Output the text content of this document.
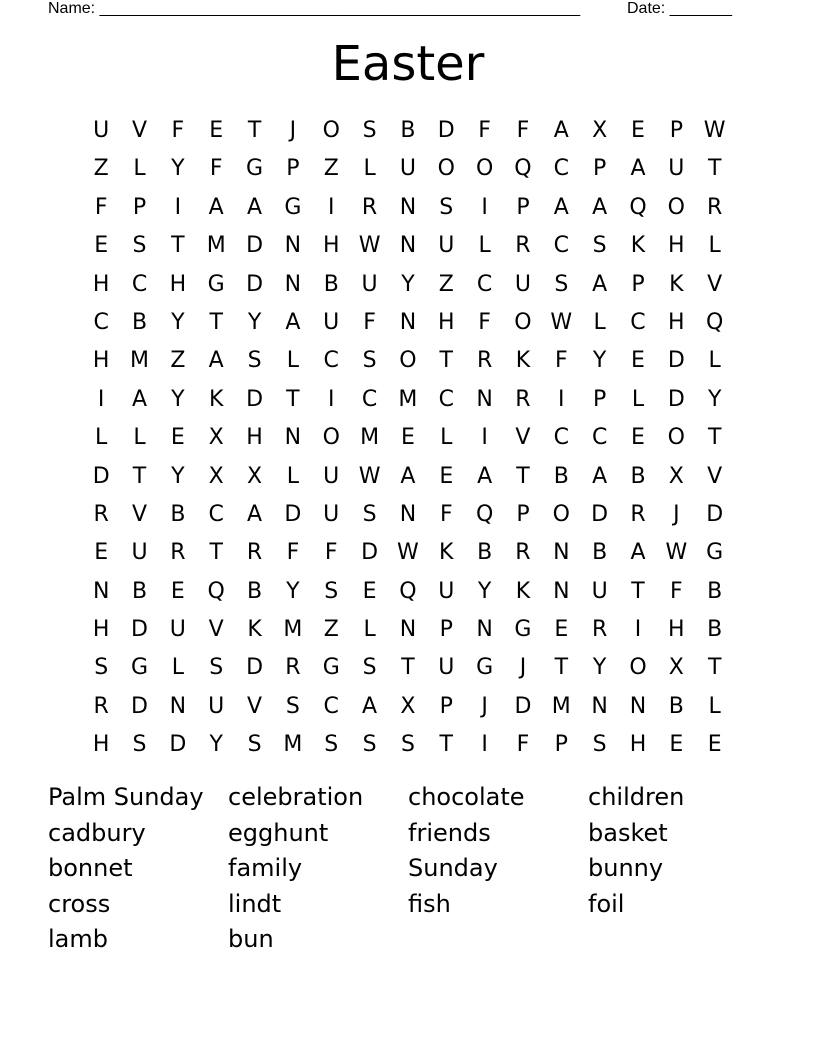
Name: ______________________________________________________	Date: _______
Easter
U	V	F	E	T	J	O	S	B	D	F	F	A	X	E	P W
Z	L	Y	F	G	P	Z	L	U O O Q	C	P	A	U	T
F	P	I	A	A	G	I	R	N	S	I	P	A	A	Q O	R
E	S	T	M D N H W N	U	L	R	C	S	K	H	L
H	C	H G D N	B	U	Y	Z	C	U	S	A	P	K	V
C	B	Y	T	Y	A	U	F	N H	F	O W L	C	H Q
H M Z	A	S	L	C	S	O	T	R	K	F	Y	E	D	L
I	A	Y	K	D	T	I	C M C	N	R	I	P	L	D	Y
L	L	E	X	H N O M E	L	I	V	C	C	E	O	T
D	T	Y	X	X	L	U W A	E	A	T	B	A	B	X	V
R	V	B	C	A	D U	S	N	F	Q	P	O D	R	J	D
E	U	R	T	R	F	F	D W K	B	R	N	B	A W G
N	B	E	Q	B	Y	S	E	Q U	Y	K	N	U	T	F	B
H D U	V	K M Z	L	N	P	N G	E	R	I	H	B
S	G	L	S	D	R	G	S	T	U G	J	T	Y	O	X	T
R	D N	U	V	S	C	A	X	P	J	D M N N	B	L
H	S	D	Y	S M S	S	S	T	I	F	P	S	H	E	E
Palm Sunday	celebration	chocolate	children
cadbury	egghunt	friends	basket
bonnet	family	Sunday	bunny
cross	lindt	fish	foil
lamb	bun
